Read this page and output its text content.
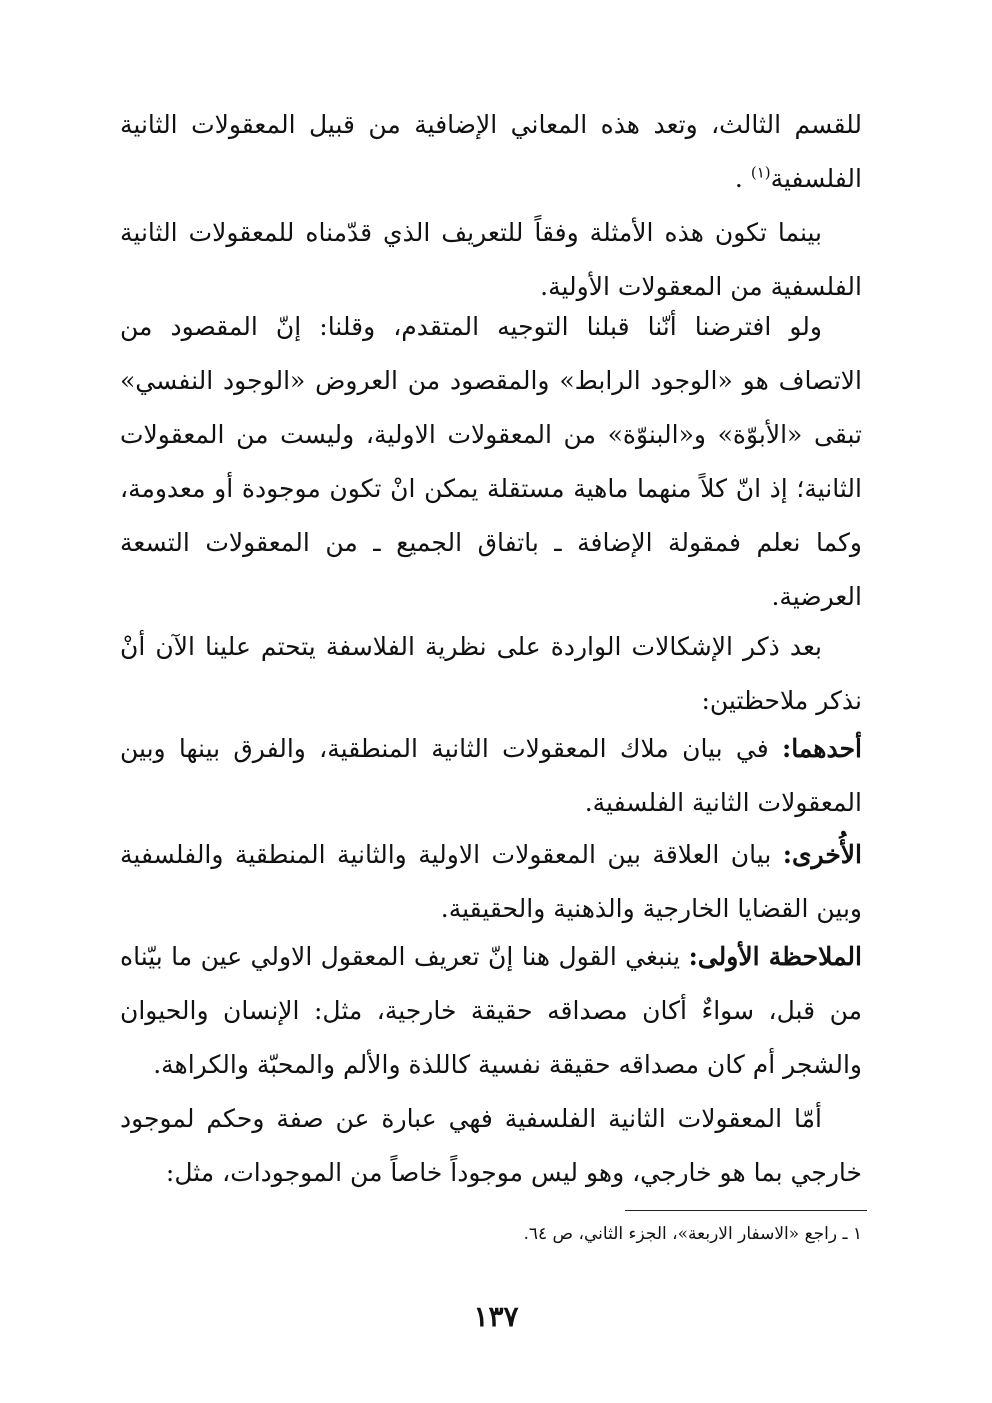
للقسم الثالث، وتعد هذه المعاني الإضافية من قبيل المعقولات الثانية الفلسفية$^{(١)}$ .
بينما تكون هذه الأمثلة وفقاً للتعريف الذي قدّمناه للمعقولات الثانية الفلسفية من المعقولات الأولية.
ولو افترضنا أنّنا قبلنا التوجيه المتقدم، وقلنا: إنّ المقصود من الاتصاف هو «الوجود الرابط» والمقصود من العروض «الوجود النفسي» تبقى «الأبوّة» و«البنوّة» من المعقولات الاولية، وليست من المعقولات الثانية؛ إذ انّ كلاً منهما ماهية مستقلة يمكن انْ تكون موجودة أو معدومة، وكما نعلم فمقولة الإضافة ـ باتفاق الجميع ـ من المعقولات التسعة العرضية.
بعد ذكر الإشكالات الواردة على نظرية الفلاسفة يتحتم علينا الآن أنْ نذكر ملاحظتين:
أحدهما: في بيان ملاك المعقولات الثانية المنطقية، والفرق بينها وبين المعقولات الثانية الفلسفية.
الأُخرى: بيان العلاقة بين المعقولات الاولية والثانية المنطقية والفلسفية وبين القضايا الخارجية والذهنية والحقيقية.
الملاحظة الأولى: ينبغي القول هنا إنّ تعريف المعقول الاولي عين ما بيّناه من قبل، سواءٌ أكان مصداقه حقيقة خارجية، مثل: الإنسان والحيوان والشجر أم كان مصداقه حقيقة نفسية كاللذة والألم والمحبّة والكراهة.
أمّا المعقولات الثانية الفلسفية فهي عبارة عن صفة وحكم لموجود خارجي بما هو خارجي، وهو ليس موجوداً خاصاً من الموجودات، مثل:
١ ـ راجع «الاسفار الاربعة»، الجزء الثاني، ص ٦٤.
١٣٧
